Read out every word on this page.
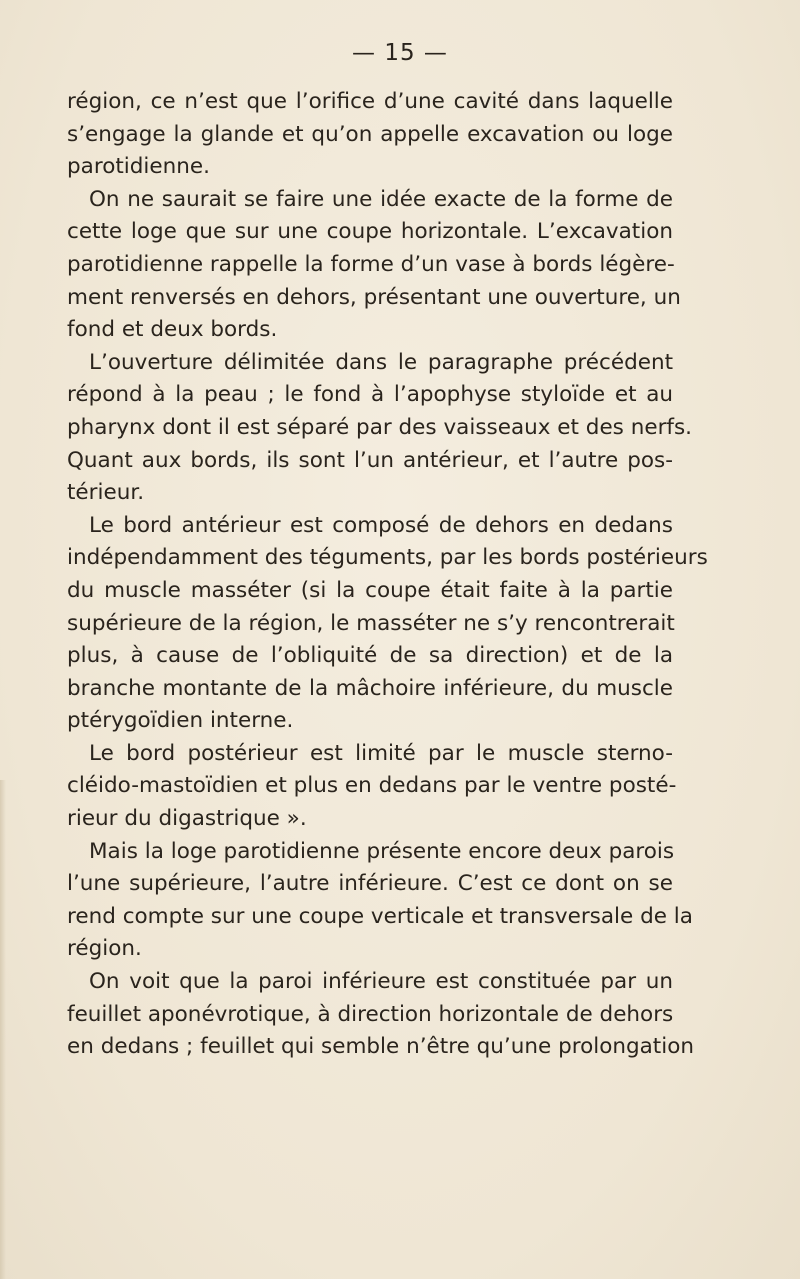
— 15 —
région, ce n’est que l’orifice d’une cavité dans laquelle
s’engage la glande et qu’on appelle excavation ou loge
parotidienne.
On ne saurait se faire une idée exacte de la forme de
cette loge que sur une coupe horizontale. L’excavation
parotidienne rappelle la forme d’un vase à bords légère-
ment renversés en dehors, présentant une ouverture, un
fond et deux bords.
L’ouverture délimitée dans le paragraphe précédent
répond à la peau ; le fond à l’apophyse styloïde et au
pharynx dont il est séparé par des vaisseaux et des nerfs.
Quant aux bords, ils sont l’un antérieur, et l’autre pos-
térieur.
Le bord antérieur est composé de dehors en dedans
indépendamment des téguments, par les bords postérieurs
du muscle masséter (si la coupe était faite à la partie
supérieure de la région, le masséter ne s’y rencontrerait
plus, à cause de l’obliquité de sa direction) et de la
branche montante de la mâchoire inférieure, du muscle
ptérygoïdien interne.
Le bord postérieur est limité par le muscle sterno-
cléido-mastoïdien et plus en dedans par le ventre posté-
rieur du digastrique ».
Mais la loge parotidienne présente encore deux parois
l’une supérieure, l’autre inférieure. C’est ce dont on se
rend compte sur une coupe verticale et transversale de la
région.
On voit que la paroi inférieure est constituée par un
feuillet aponévrotique, à direction horizontale de dehors
en dedans ; feuillet qui semble n’être qu’une prolongation
